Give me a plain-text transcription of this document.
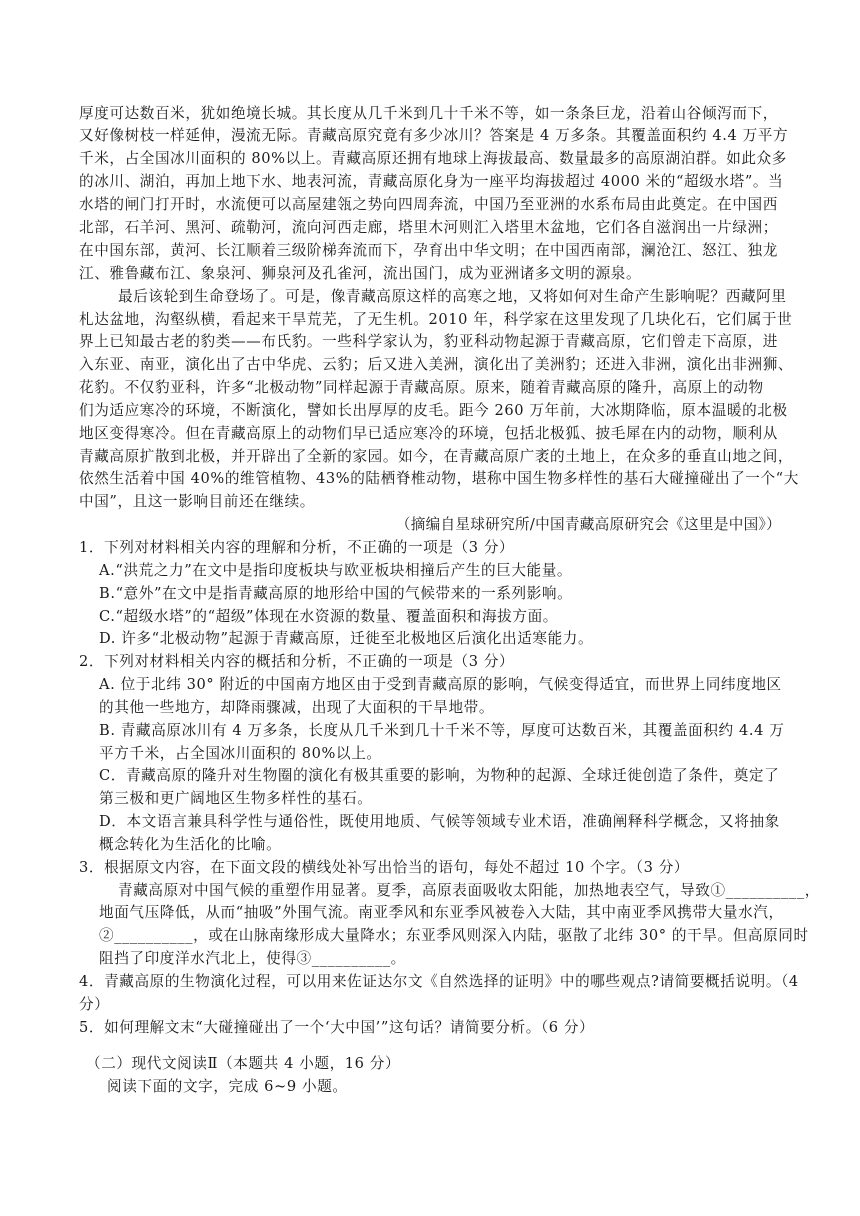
厚度可达数百米，犹如绝境长城。其长度从几千米到几十千米不等，如一条条巨龙，沿着山谷倾泻而下，

又好像树枝一样延伸，漫流无际。青藏高原究竟有多少冰川？答案是 4 万多条。其覆盖面积约 4.4 万平方

千米，占全国冰川面积的 80%以上。青藏高原还拥有地球上海拔最高、数量最多的高原湖泊群。如此众多

的冰川、湖泊，再加上地下水、地表河流，青藏高原化身为一座平均海拔超过 4000 米的“超级水塔”。当

水塔的闸门打开时，水流便可以高屋建瓴之势向四周奔流，中国乃至亚洲的水系布局由此奠定。在中国西

北部，石羊河、黑河、疏勒河，流向河西走廊，塔里木河则汇入塔里木盆地，它们各自滋润出一片绿洲；

在中国东部，黄河、长江顺着三级阶梯奔流而下，孕育出中华文明；在中国西南部，澜沧江、怒江、独龙

江、雅鲁藏布江、象泉河、狮泉河及孔雀河，流出国门，成为亚洲诸多文明的源泉。

最后该轮到生命登场了。可是，像青藏高原这样的高寒之地，又将如何对生命产生影响呢？西藏阿里

札达盆地，沟壑纵横，看起来干旱荒芜，了无生机。2010 年，科学家在这里发现了几块化石，它们属于世

界上已知最古老的豹类——布氏豹。一些科学家认为，豹亚科动物起源于青藏高原，它们曾走下高原，进

入东亚、南亚，演化出了古中华虎、云豹；后又进入美洲，演化出了美洲豹；还进入非洲，演化出非洲狮、

花豹。不仅豹亚科，许多“北极动物”同样起源于青藏高原。原来，随着青藏高原的隆升，高原上的动物

们为适应寒冷的环境，不断演化，譬如长出厚厚的皮毛。距今 260 万年前，大冰期降临，原本温暖的北极

地区变得寒冷。但在青藏高原上的动物们早已适应寒冷的环境，包括北极狐、披毛犀在内的动物，顺利从

青藏高原扩散到北极，并开辟出了全新的家园。如今，在青藏高原广袤的土地上，在众多的垂直山地之间，

依然生活着中国 40%的维管植物、43%的陆栖脊椎动物，堪称中国生物多样性的基石大碰撞碰出了一个“大

中国”，且这一影响目前还在继续。

（摘编自星球研究所/中国青藏高原研究会《这里是中国》）

1．下列对材料相关内容的理解和分析，不正确的一项是（3 分）

A.“洪荒之力”在文中是指印度板块与欧亚板块相撞后产生的巨大能量。

B.“意外”在文中是指青藏高原的地形给中国的气候带来的一系列影响。

C.“超级水塔”的“超级”体现在水资源的数量、覆盖面积和海拔方面。

D. 许多“北极动物”起源于青藏高原，迁徙至北极地区后演化出适寒能力。

2．下列对材料相关内容的概括和分析，不正确的一项是（3 分）

A. 位于北纬 30° 附近的中国南方地区由于受到青藏高原的影响，气候变得适宜，而世界上同纬度地区

的其他一些地方，却降雨骤减，出现了大面积的干旱地带。

B. 青藏高原冰川有 4 万多条，长度从几千米到几十千米不等，厚度可达数百米，其覆盖面积约 4.4 万

平方千米，占全国冰川面积的 80%以上。

C．青藏高原的隆升对生物圈的演化有极其重要的影响，为物种的起源、全球迁徙创造了条件，奠定了

第三极和更广阔地区生物多样性的基石。

D．本文语言兼具科学性与通俗性，既使用地质、气候等领域专业术语，准确阐释科学概念，又将抽象

概念转化为生活化的比喻。

3．根据原文内容，在下面文段的横线处补写出恰当的语句，每处不超过 10 个字。（3 分）

青藏高原对中国气候的重塑作用显著。夏季，高原表面吸收太阳能，加热地表空气，导致①__________，

地面气压降低，从而“抽吸”外围气流。南亚季风和东亚季风被卷入大陆，其中南亚季风携带大量水汽，

②__________，或在山脉南缘形成大量降水；东亚季风则深入内陆，驱散了北纬 30° 的干旱。但高原同时

阻挡了印度洋水汽北上，使得③__________。

4．青藏高原的生物演化过程，可以用来佐证达尔文《自然选择的证明》中的哪些观点?请简要概括说明。（4

分）

5．如何理解文末“大碰撞碰出了一个‘大中国’”这句话？请简要分析。（6 分）

（二）现代文阅读Ⅱ（本题共 4 小题，16 分）

阅读下面的文字，完成 6~9 小题。
